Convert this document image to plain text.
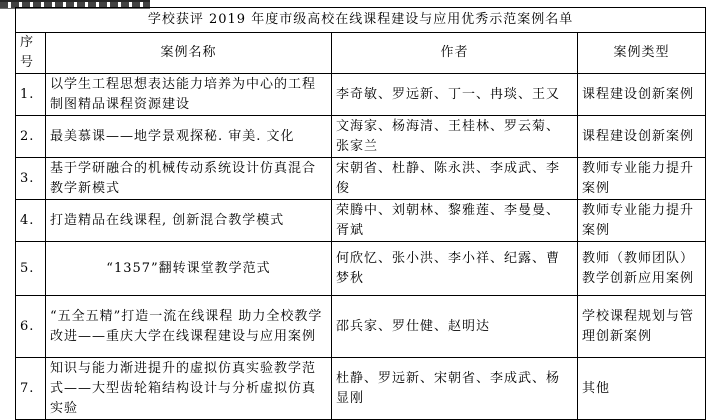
学校获评 2019 年度市级高校在线课程建设与应用优秀示范案例名单			
序号	案例名称	作者	案例类型
1.	以学生工程思想表达能力培养为中心的工程制图精品课程资源建设	李奇敏、罗远新、丁一、冉琰、王又	课程建设创新案例
2.	最美慕课——地学景观探秘. 审美. 文化	文海家、杨海清、王桂林、罗云菊、张家兰	课程建设创新案例
3.	基于学研融合的机械传动系统设计仿真混合教学新模式	宋朝省、杜静、陈永洪、李成武、李俊	教师专业能力提升案例
4.	打造精品在线课程, 创新混合教学模式	荣腾中、刘朝林、黎雅莲、李曼曼、胥斌	教师专业能力提升案例
5.	“1357”翻转课堂教学范式	何欣忆、张小洪、李小祥、纪露、曹梦秋	教师（教师团队）教学创新应用案例
6.	“五全五精”打造一流在线课程 助力全校教学改进——重庆大学在线课程建设与应用案例	邵兵家、罗仕健、赵明达	学校课程规划与管理创新案例
7.	知识与能力渐进提升的虚拟仿真实验教学范式——大型齿轮箱结构设计与分析虚拟仿真实验	杜静、罗远新、宋朝省、李成武、杨显刚	其他
